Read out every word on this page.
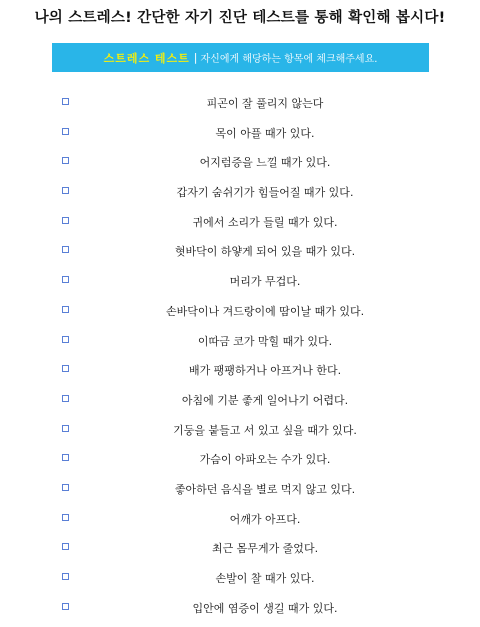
나의 스트레스! 간단한 자기 진단 테스트를 통해 확인해 봅시다!
스트레스 테스트 | 자신에게 해당하는 항목에 체크해주세요.
피곤이 잘 풀리지 않는다
목이 아플 때가 있다.
어지럼증을 느낄 때가 있다.
갑자기 숨쉬기가 힘들어질 때가 있다.
귀에서 소리가 들릴 때가 있다.
혓바닥이 하얗게 되어 있을 때가 있다.
머리가 무겁다.
손바닥이나 겨드랑이에 땀이날 때가 있다.
이따금 코가 막힐 때가 있다.
배가 팽팽하거나 아프거나 한다.
아침에 기분 좋게 일어나기 어렵다.
기둥을 붙들고 서 있고 싶을 때가 있다.
가슴이 아파오는 수가 있다.
좋아하던 음식을 별로 먹지 않고 있다.
어깨가 아프다.
최근 몸무게가 줄었다.
손발이 찰 때가 있다.
입안에 염증이 생길 때가 있다.
